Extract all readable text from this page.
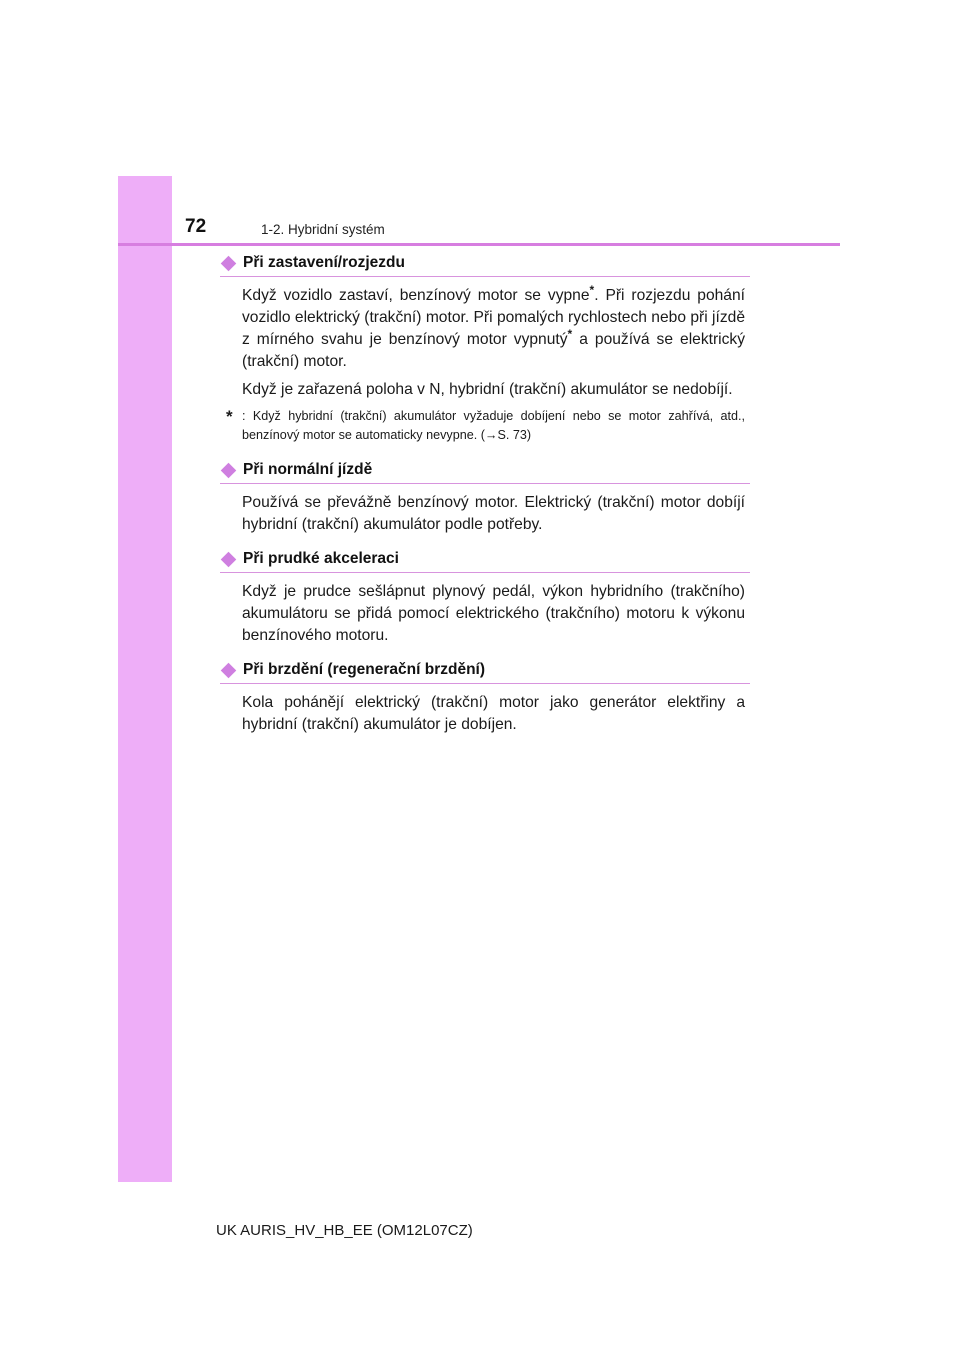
72	1-2. Hybridní systém
Při zastavení/rozjezdu

Když vozidlo zastaví, benzínový motor se vypne*. Při rozjezdu pohání vozidlo elektrický (trakční) motor. Při pomalých rychlostech nebo při jízdě z mírného svahu je benzínový motor vypnutý* a používá se elektrický (trakční) motor.

Když je zařazená poloha v N, hybridní (trakční) akumulátor se nedobíjí.

* : Když hybridní (trakční) akumulátor vyžaduje dobíjení nebo se motor zahřívá, atd., benzínový motor se automaticky nevypne. (→S. 73)
Při normální jízdě

Používá se převážně benzínový motor. Elektrický (trakční) motor dobíjí hybridní (trakční) akumulátor podle potřeby.

Při prudké akceleraci

Když je prudce sešlápnut plynový pedál, výkon hybridního (trakčního) akumulátoru se přidá pomocí elektrického (trakčního) motoru k výkonu benzínového motoru.

Při brzdění (regenerační brzdění)

Kola pohánějí elektrický (trakční) motor jako generátor elektřiny a hybridní (trakční) akumulátor je dobíjen.

UK AURIS_HV_HB_EE (OM12L07CZ)
